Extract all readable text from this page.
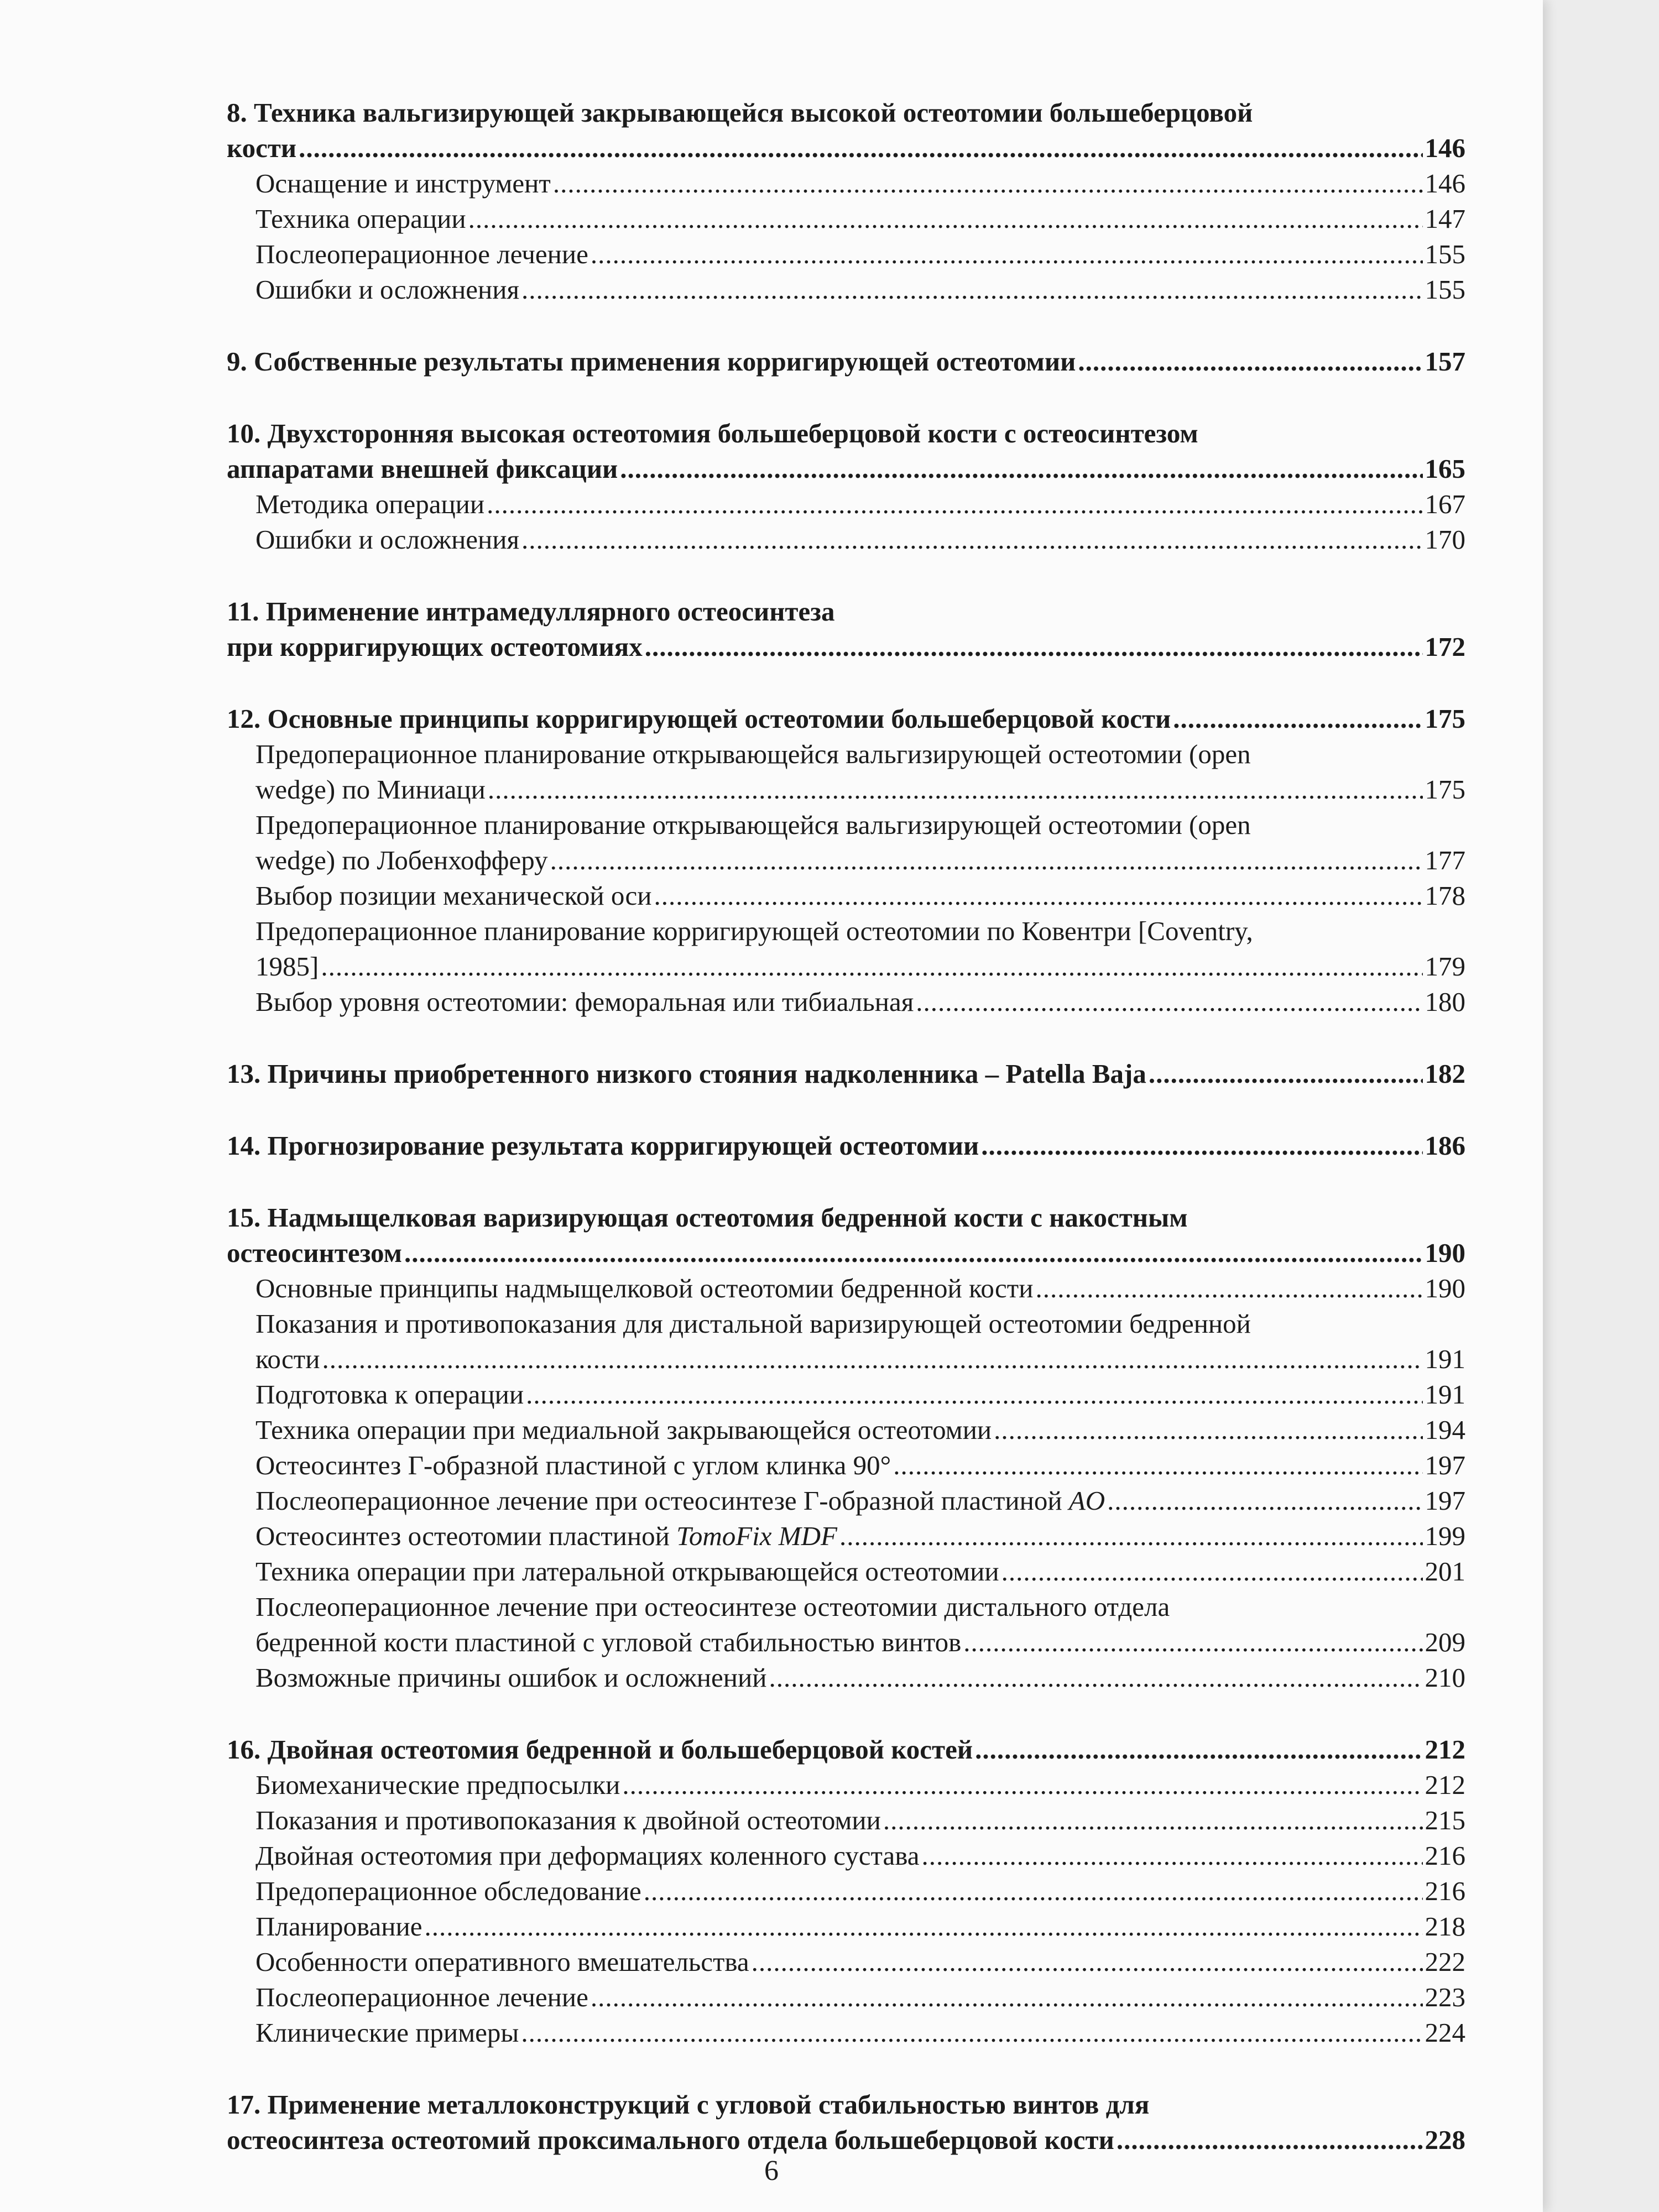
8. Техника вальгизирующей закрывающейся высокой остеотомии большеберцовой
кости .....	146
Оснащение и инструмент .....	146
Техника операции .....	147
Послеоперационное лечение .....	155
Ошибки и осложнения .....	155
9. Собственные результаты применения корригирующей остеотомии .....	157
10. Двухсторонняя высокая остеотомия большеберцовой кости с остеосинтезом
аппаратами внешней фиксации .....	165
Методика операции .....	167
Ошибки и осложнения .....	170
11. Применение интрамедуллярного остеосинтеза
при корригирующих остеотомиях .....	172
12. Основные принципы корригирующей остеотомии большеберцовой кости .....	175
Предоперационное планирование открывающейся вальгизирующей остеотомии (open
wedge) по Миниаци .....	175
Предоперационное планирование открывающейся вальгизирующей остеотомии (open
wedge) по Лобенхофферу .....	177
Выбор позиции механической оси .....	178
Предоперационное планирование корригирующей остеотомии по Ковентри [Coventry,
1985] .....	179
Выбор уровня остеотомии: феморальная или тибиальная .....	180
13. Причины приобретенного низкого стояния надколенника – Patella Baja .....	182
14. Прогнозирование результата корригирующей остеотомии .....	186
15. Надмыщелковая варизирующая остеотомия бедренной кости с накостным
остеосинтезом .....	190
Основные принципы надмыщелковой остеотомии бедренной кости .....	190
Показания и противопоказания для дистальной варизирующей остеотомии бедренной
кости .....	191
Подготовка к операции .....	191
Техника операции при медиальной закрывающейся остеотомии .....	194
Остеосинтез Г-образной пластиной с углом клинка 90° .....	197
Послеоперационное лечение при остеосинтезе Г-образной пластиной
AO .....	197
Остеосинтез остеотомии пластиной
TomoFix MDF .....	199
Техника операции при латеральной открывающейся остеотомии .....	201
Послеоперационное лечение при остеосинтезе остеотомии дистального отдела
бедренной кости пластиной с угловой стабильностью винтов .....	209
Возможные причины ошибок и осложнений .....	210
16. Двойная остеотомия бедренной и большеберцовой костей .....	212
Биомеханические предпосылки .....	212
Показания и противопоказания к двойной остеотомии .....	215
Двойная остеотомия при деформациях коленного сустава .....	216
Предоперационное обследование .....	216
Планирование .....	218
Особенности оперативного вмешательства .....	222
Послеоперационное лечение .....	223
Клинические примеры .....	224
17. Применение металлоконструкций с угловой стабильностью винтов для
остеосинтеза остеотомий проксимального отдела большеберцовой кости .....	228
6
